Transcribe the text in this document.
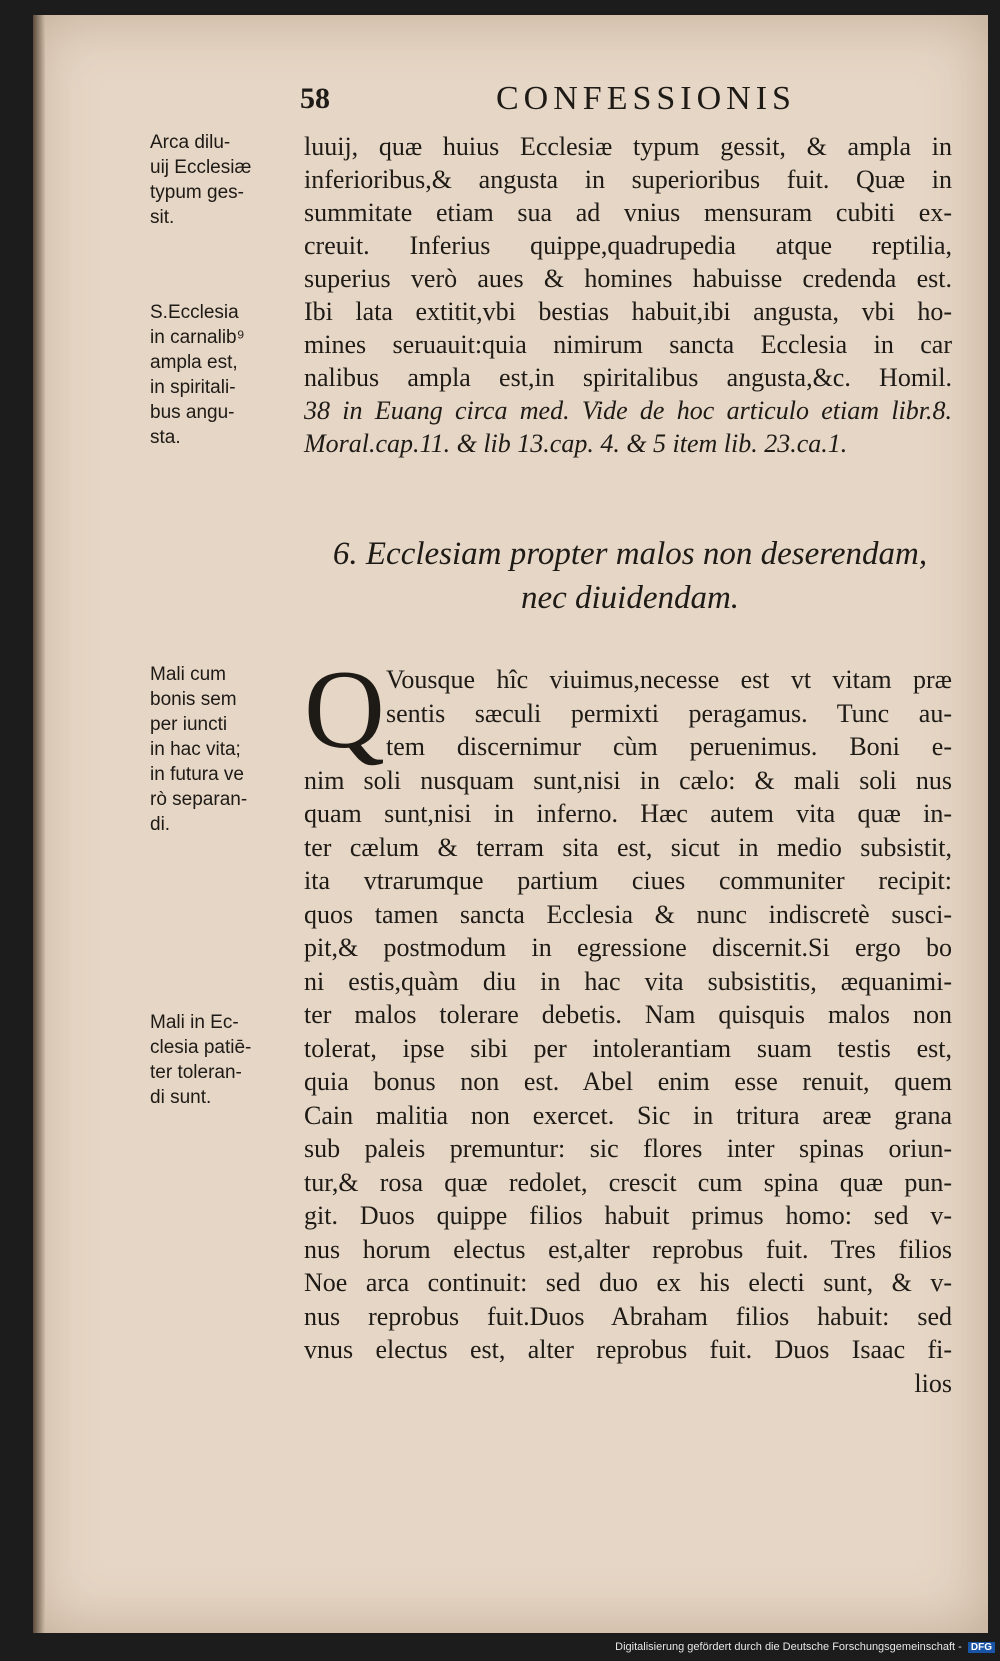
58	CONFESSIONIS
Arca dilu-
uij Ecclesiæ
typum ges-
sit.
S.Ecclesia
in carnalib⁹
ampla est,
in spiritali-
bus angu-
sta.
Mali cum
bonis sem
per iuncti
in hac vita;
in futura ve
rò separan-
di.
Mali in Ec-
clesia patiē-
ter toleran-
di sunt.
luuij, quæ huius Ecclesiæ typum gessit, & ampla in
inferioribus,& angusta in superioribus fuit. Quæ in
summitate etiam sua ad vnius mensuram cubiti ex-
creuit. Inferius quippe,quadrupedia atque reptilia,
superius verò aues & homines habuisse credenda est.
Ibi lata extitit,vbi bestias habuit,ibi angusta, vbi ho-
mines seruauit:quia nimirum sancta Ecclesia in car
nalibus ampla est,in spiritalibus angusta,&c. Homil.
38 in Euang circa med. Vide de hoc articulo etiam libr.8.
Moral.cap.11. & lib 13.cap. 4. & 5 item lib. 23.ca.1.
6. Ecclesiam propter malos non deserendam,
nec diuidendam.
Q Vousque hîc viuimus,necesse est vt vitam præ
sentis sæculi permixti peragamus. Tunc au-
tem discernimur cùm peruenimus. Boni e-
nim soli nusquam sunt,nisi in cælo: & mali soli nus
quam sunt,nisi in inferno. Hæc autem vita quæ in-
ter cælum & terram sita est, sicut in medio subsistit,
ita vtrarumque partium ciues communiter recipit:
quos tamen sancta Ecclesia & nunc indiscretè susci-
pit,& postmodum in egressione discernit.Si ergo bo
ni estis,quàm diu in hac vita subsistitis, æquanimi-
ter malos tolerare debetis. Nam quisquis malos non
tolerat, ipse sibi per intolerantiam suam testis est,
quia bonus non est. Abel enim esse renuit, quem
Cain malitia non exercet. Sic in tritura areæ grana
sub paleis premuntur: sic flores inter spinas oriun-
tur,& rosa quæ redolet, crescit cum spina quæ pun-
git. Duos quippe filios habuit primus homo: sed v-
nus horum electus est,alter reprobus fuit. Tres filios
Noe arca continuit: sed duo ex his electi sunt, & v-
nus reprobus fuit.Duos Abraham filios habuit: sed
vnus electus est, alter reprobus fuit. Duos Isaac fi-
lios
Digitalisierung gefördert durch die Deutsche Forschungsgemeinschaft - DFG
